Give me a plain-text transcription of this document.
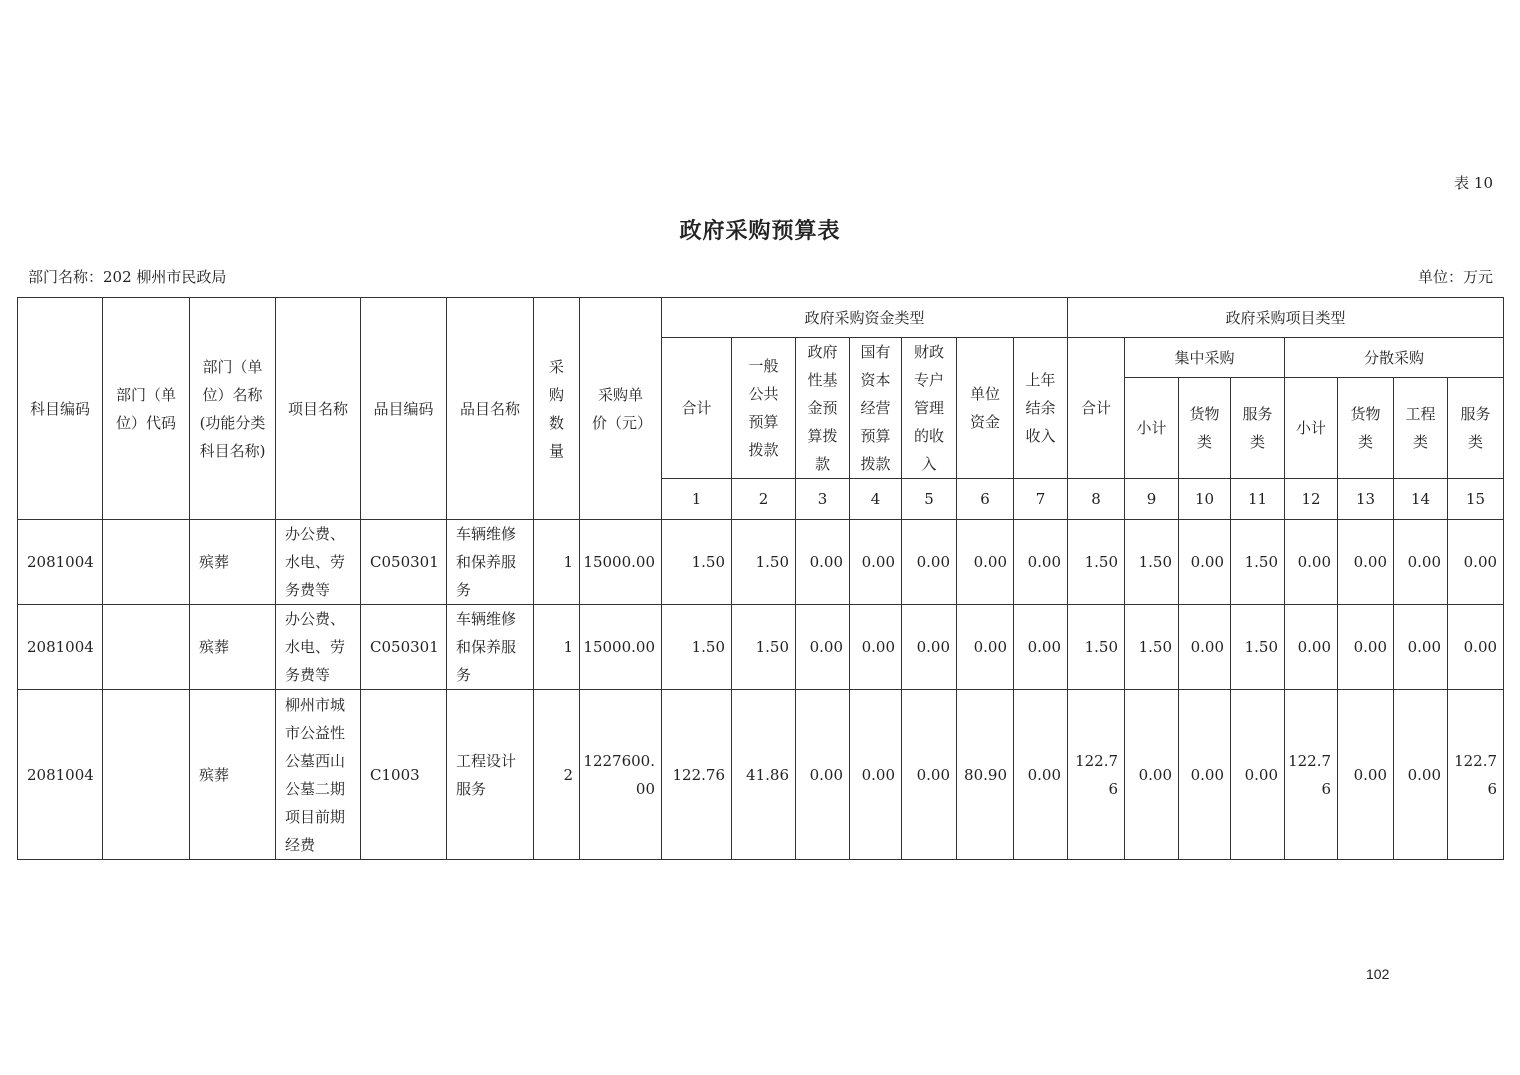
表 10
政府采购预算表
部门名称：202 柳州市民政局	单位：万元
科目编码	部门（单位）代码	部门（单位）名称(功能分类科目名称)	项目名称	品目编码	品目名称	采购数量	采购单价（元）	政府采购资金类型							政府采购项目类型							
								合计	一般公共预算拨款	政府性基金预算拨款	国有资本经营预算拨款	财政专户管理的收入	单位资金	上年结余收入	合计	集中采购			分散采购			
																小计	货物类	服务类	小计	货物类	工程类	服务类
								1	2	3	4	5	6	7	8	9	10	11	12	13	14	15
2081004		殡葬	办公费、水电、劳务费等	C050301	车辆维修和保养服务	1	15000.00	1.50	1.50	0.00	0.00	0.00	0.00	0.00	1.50	1.50	0.00	1.50	0.00	0.00	0.00	0.00
2081004		殡葬	办公费、水电、劳务费等	C050301	车辆维修和保养服务	1	15000.00	1.50	1.50	0.00	0.00	0.00	0.00	0.00	1.50	1.50	0.00	1.50	0.00	0.00	0.00	0.00
2081004		殡葬	柳州市城市公益性公墓西山公墓二期项目前期经费	C1003	工程设计服务	2	1227600.00	122.76	41.86	0.00	0.00	0.00	80.90	0.00	122.76	0.00	0.00	0.00	122.76	0.00	0.00	122.76
102
